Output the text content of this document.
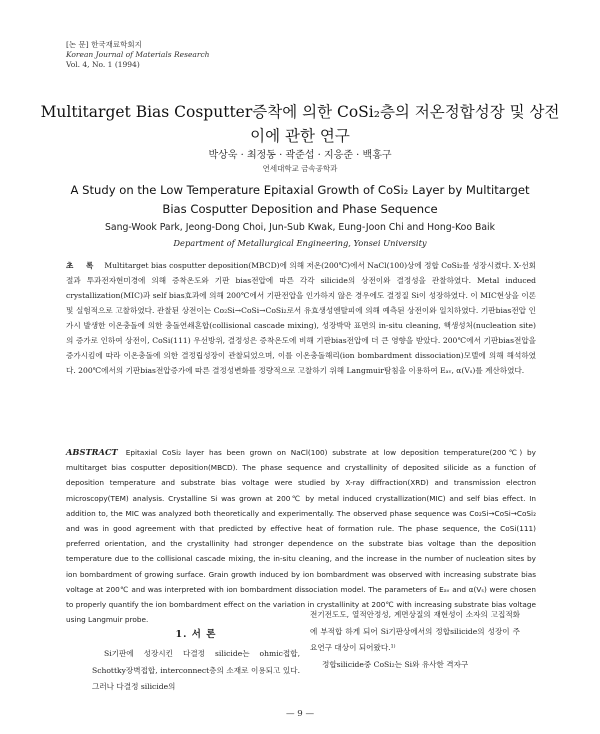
[논 문] 한국재료학회지
Korean Journal of Materials Research
Vol. 4, No. 1 (1994)
Multitarget Bias Cosputter증착에 의한 CoSi₂층의 저온정합성장 및 상전이에 관한 연구
박상욱 · 최정동 · 곽준섭 · 지응준 · 백홍구
연세대학교 금속공학과
A Study on the Low Temperature Epitaxial Growth of CoSi₂ Layer by Multitarget Bias Cosputter Deposition and Phase Sequence
Sang-Wook Park, Jeong-Dong Choi, Jun-Sub Kwak, Eung-Joon Chi and Hong-Koo Baik
Department of Metallurgical Engineering, Yonsei University
초 록 Multitarget bias cosputter deposition(MBCD)에 의해 저온(200℃)에서 NaCl(100)상에 정합 CoSi₂를 성장시켰다. X-선회절과 투과전자현미경에 의해 증착온도와 기판 bias전압에 따른 각각 silicide의 상전이와 결정성을 관찰하였다. Metal induced crystallization(MIC)과 self bias효과에 의해 200℃에서 기판전압을 인가하지 않은 경우에도 결정질 Si이 성장하였다. 이 MIC현상을 이론 및 실험적으로 고찰하였다. 관찰된 상전이는 Co₂Si→CoSi→CoSi₂로서 유효생성엔탈피에 의해 예측된 상전이와 일치하였다. 기판bias전압 인가시 발생한 이온충돌에 의한 충돌연쇄혼합(collisional cascade mixing), 성장박막 표면의 in-situ cleaning, 핵생성처(nucleation site)의 증가로 인하여 상전이, CoSi(111) 우선방위, 결정성은 증착온도에 비해 기판bias전압에 더 큰 영향을 받았다. 200℃에서 기판bias전압을 증가시킴에 따라 이온충돌에 의한 결정립성장이 관찰되었으며, 이를 이온충돌해리(ion bombardment dissociation)모델에 의해 해석하였다. 200℃에서의 기판bias전압증가에 따른 결정성변화를 정량적으로 고찰하기 위해 Langmuir탐침을 이용하여 Eₐᵥ, α(Vₛ)를 계산하였다.
ABSTRACT Epitaxial CoSi₂ layer has been grown on NaCl(100) substrate at low deposition temperature(200℃) by multitarget bias cosputter deposition(MBCD). The phase sequence and crystallinity of deposited silicide as a function of deposition temperature and substrate bias voltage were studied by X-ray diffraction(XRD) and transmission electron microscopy(TEM) analysis. Crystalline Si was grown at 200℃ by metal induced crystallization(MIC) and self bias effect. In addition to, the MIC was analyzed both theoretically and experimentally. The observed phase sequence was Co₂Si→CoSi→CoSi₂ and was in good agreement with that predicted by effective heat of formation rule. The phase sequence, the CoSi(111) preferred orientation, and the crystallinity had stronger dependence on the substrate bias voltage than the deposition temperature due to the collisional cascade mixing, the in-situ cleaning, and the increase in the number of nucleation sites by ion bombardment of growing surface. Grain growth induced by ion bombardment was observed with increasing substrate bias voltage at 200℃ and was interpreted with ion bombardment dissociation model. The parameters of Eₐᵥ and α(Vₛ) were chosen to properly quantify the ion bombardment effect on the variation in crystallinity at 200℃ with increasing substrate bias voltage using Langmuir probe.
1. 서 론
Si기판에 성장시킨 다결정 silicide는 ohmic접합, Schottky장벽접합, interconnect층의 소재로 이용되고 있다. 그러나 다결정 silicide의
전기전도도, 열적안정성, 계면상질의 재현성이 소자의 고집적화에 부적합 하게 되어 Si기판상에서의 정합silicide의 성장이 주요연구 대상이 되어왔다.¹⁾
정합silicide중 CoSi₂는 Si와 유사한 격자구
— 9 —
